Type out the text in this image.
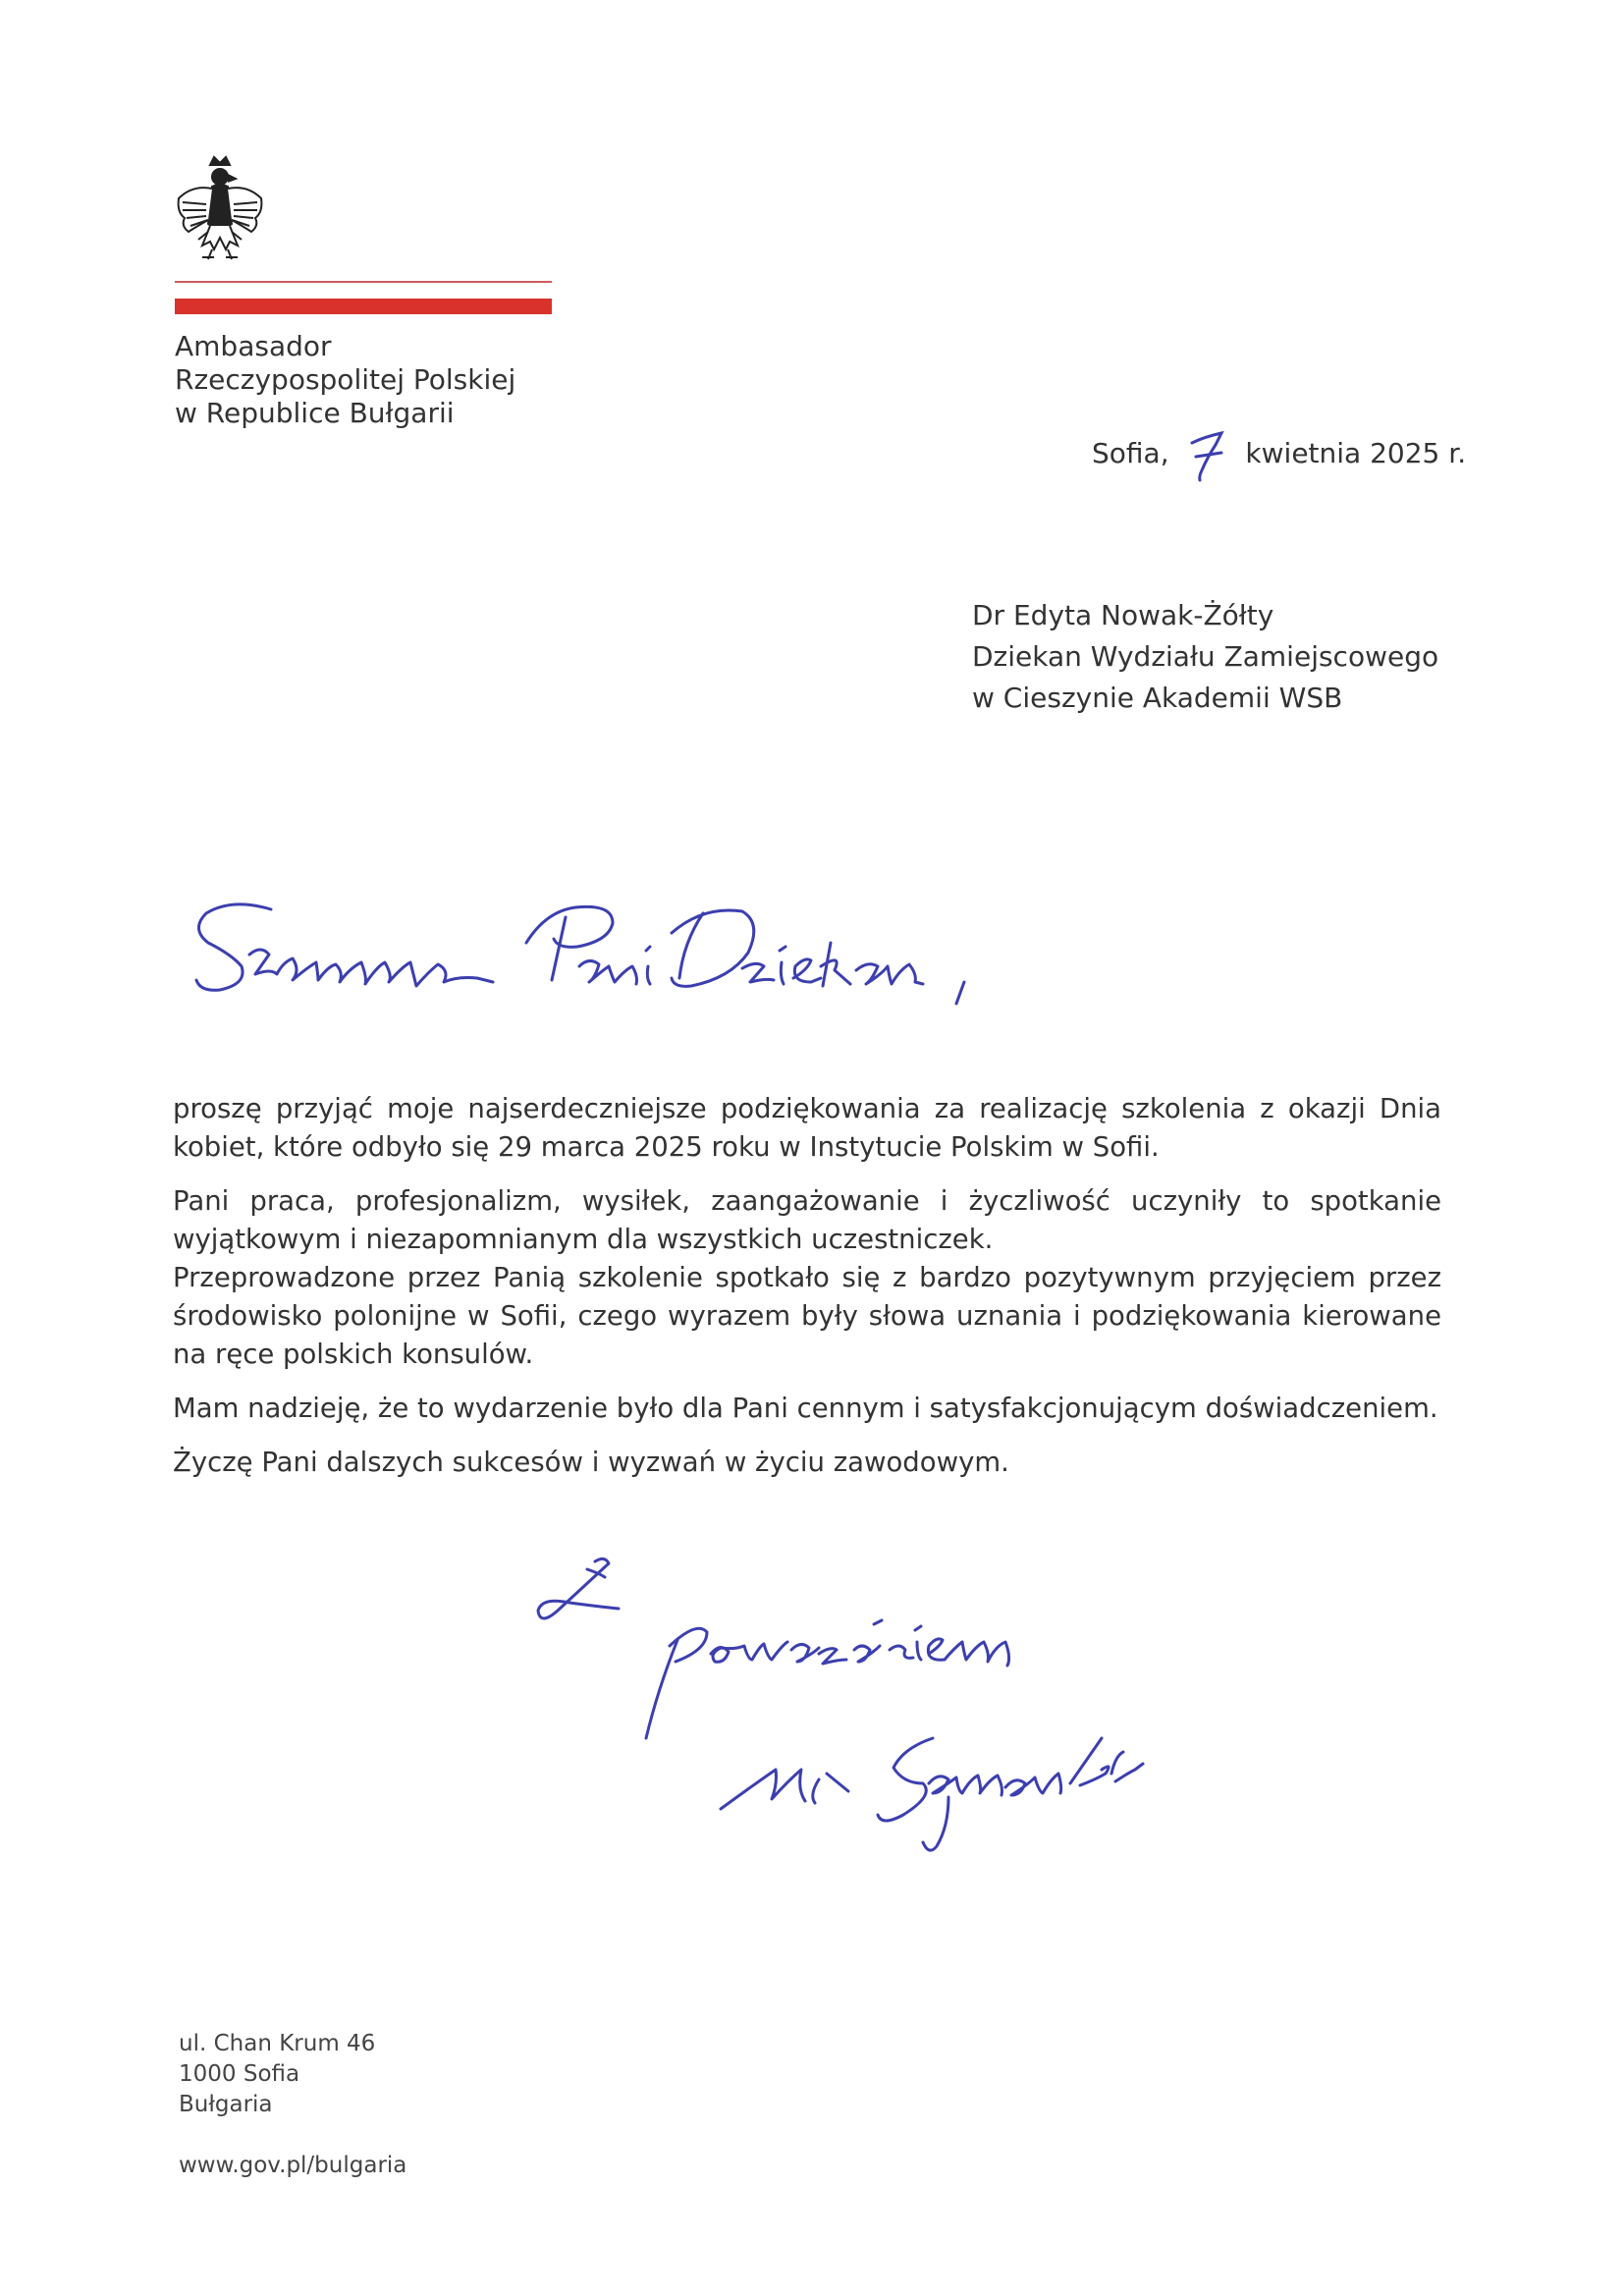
Ambasador
Rzeczypospolitej Polskiej
w Republice Bułgarii
Sofia,	kwietnia 2025 r.
Dr Edyta Nowak-Żółty
Dziekan Wydziału Zamiejscowego
w Cieszynie Akademii WSB

proszę przyjąć moje najserdeczniejsze podziękowania za realizację szkolenia z okazji Dnia kobiet, które odbyło się 29 marca 2025 roku w Instytucie Polskim w Sofii.

Pani praca, profesjonalizm, wysiłek, zaangażowanie i życzliwość uczyniły to spotkanie wyjątkowym i niezapomnianym dla wszystkich uczestniczek.

Przeprowadzone przez Panią szkolenie spotkało się z bardzo pozytywnym przyjęciem przez środowisko polonijne w Sofii, czego wyrazem były słowa uznania i podziękowania kierowane na ręce polskich konsulów.

Mam nadzieję, że to wydarzenie było dla Pani cennym i satysfakcjonującym doświadczeniem.

Życzę Pani dalszych sukcesów i wyzwań w życiu zawodowym.

ul. Chan Krum 46
1000 Sofia
Bułgaria
www.gov.pl/bulgaria
